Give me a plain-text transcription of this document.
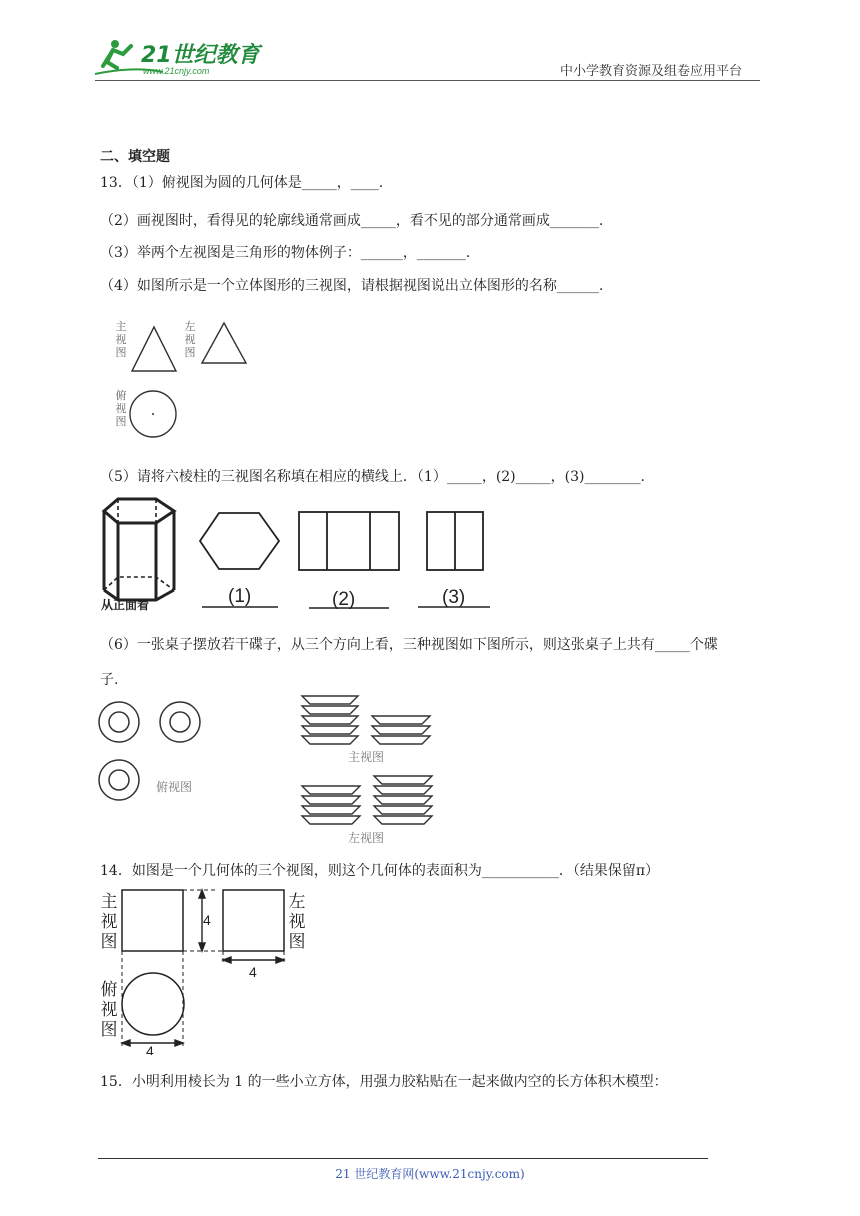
21世纪教育
www.21cnjy.com	中小学教育资源及组卷应用平台
二、填空题
13．（1）俯视图为圆的几何体是_____，____.
（2）画视图时，看得见的轮廓线通常画成_____，看不见的部分通常画成_______.
（3）举两个左视图是三角形的物体例子：______，_______.
（4）如图所示是一个立体图形的三视图，请根据视图说出立体图形的名称______.
主
视
图
左
视
图
俯
视
图
（5）请将六棱柱的三视图名称填在相应的横线上．（1）_____，(2)_____，(3)________.
从正面看	(1)	(2)	(3)
（6）一张桌子摆放若干碟子，从三个方向上看，三种视图如下图所示，则这张桌子上共有_____个碟
子.
俯视图
主视图
左视图
14．如图是一个几何体的三个视图，则这个几何体的表面积为___________．（结果保留π）
主
视
图
左
视
图
俯
视
图
4
4
4
15．小明利用棱长为 1 的一些小立方体，用强力胶粘贴在一起来做内空的长方体积木模型：
21 世纪教育网(www.21cnjy.com)
